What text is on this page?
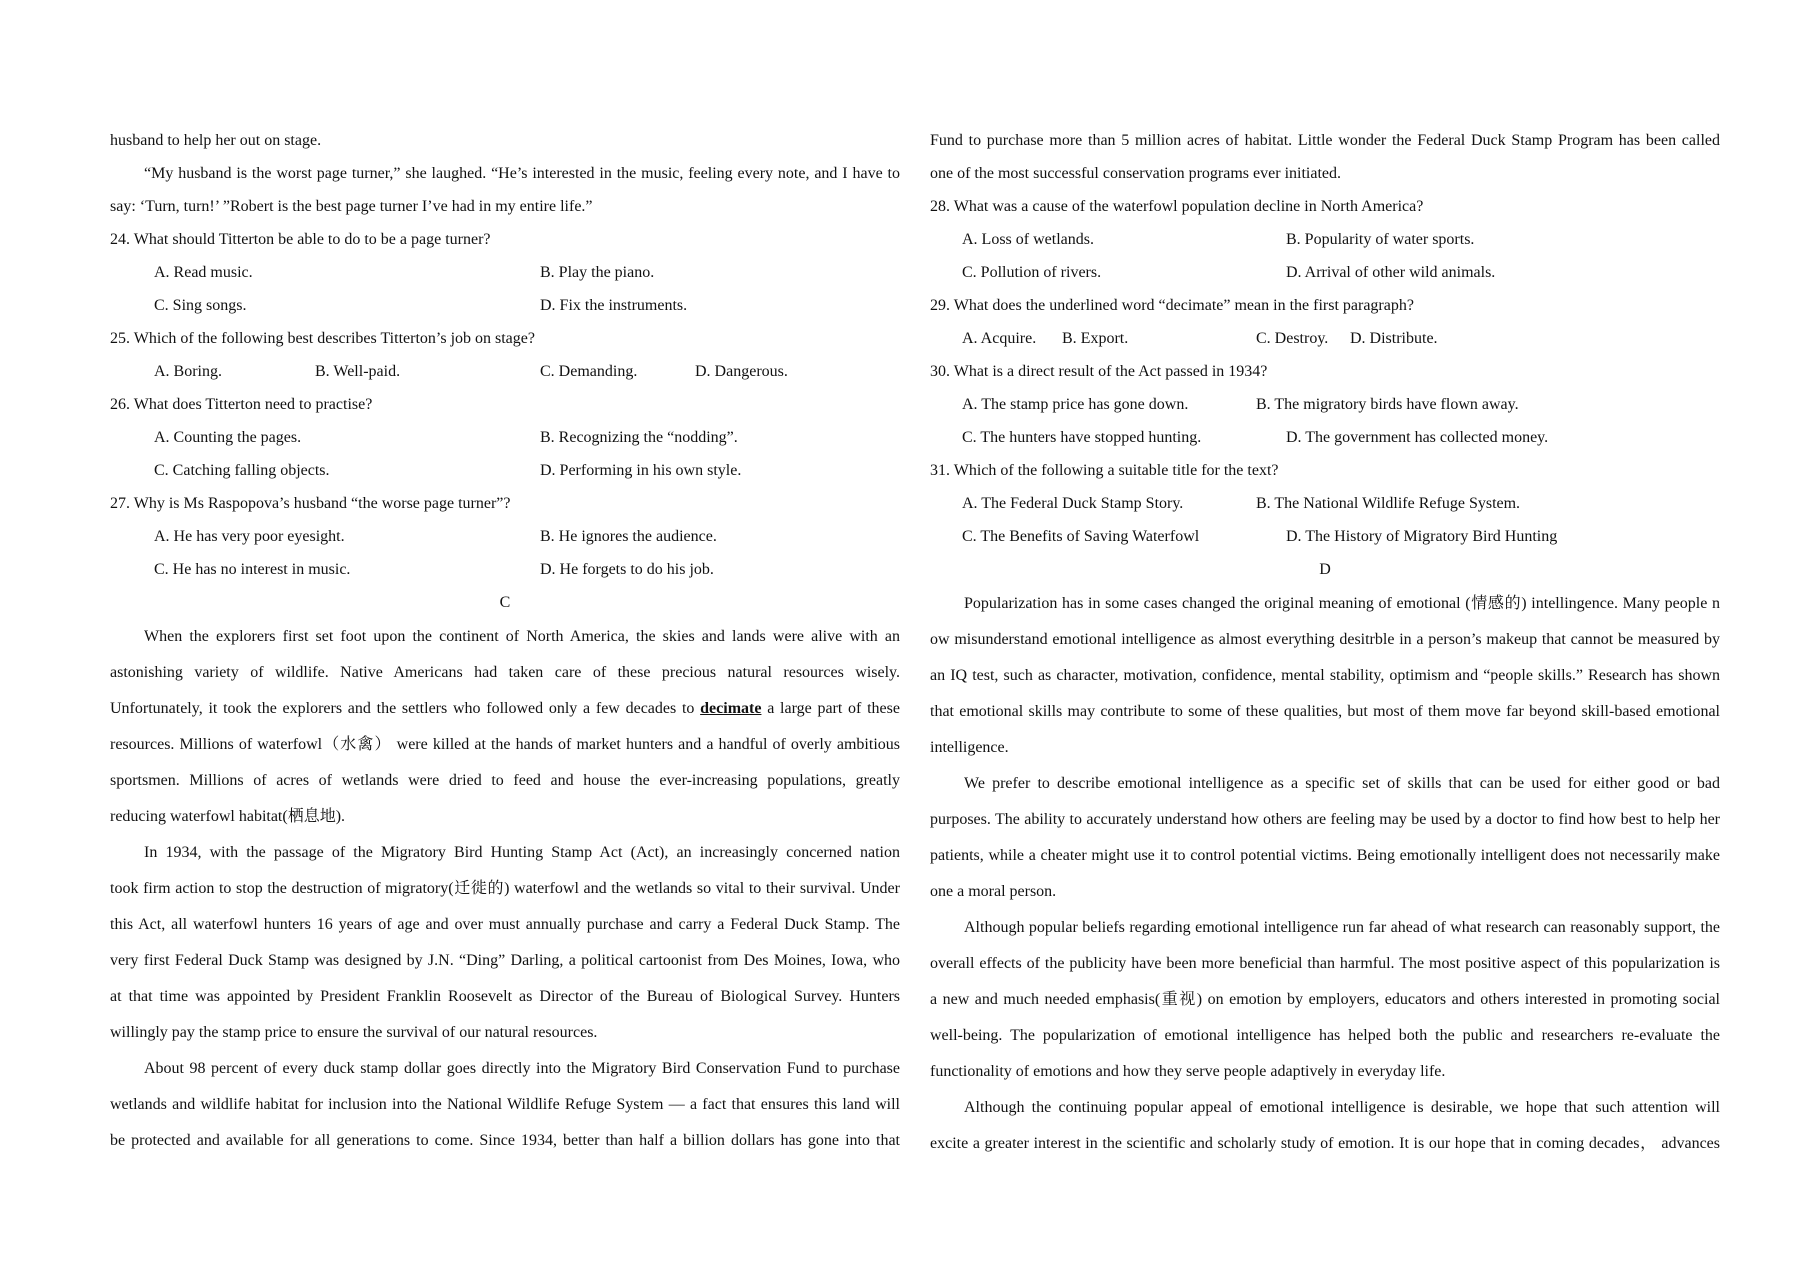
husband to help her out on stage.
“My husband is the worst page turner,” she laughed. “He’s interested in the music, feeling every note, and I have to
say: ‘Turn, turn!’ ”Robert is the best page turner I’ve had in my entire life.”
24. What should Titterton be able to do to be a page turner?
A. Read music.	B. Play the piano.
C. Sing songs.	D. Fix the instruments.
25. Which of the following best describes Titterton’s job on stage?
A. Boring.	B. Well-paid.	C. Demanding.	D. Dangerous.
26. What does Titterton need to practise?
A. Counting the pages.	B. Recognizing the “nodding”.
C. Catching falling objects.	D. Performing in his own style.
27. Why is Ms Raspopova’s husband “the worse page turner”?
A. He has very poor eyesight.	B. He ignores the audience.
C. He has no interest in music.	D. He forgets to do his job.
C
When the explorers first set foot upon the continent of North America, the skies and lands were alive with an
astonishing variety of wildlife. Native Americans had taken care of these precious natural resources wisely.
Unfortunately, it took the explorers and the settlers who followed only a few decades to decimate a large part of these
resources. Millions of waterfowl（水禽） were killed at the hands of market hunters and a handful of overly ambitious
sportsmen. Millions of acres of wetlands were dried to feed and house the ever-increasing populations, greatly
reducing waterfowl habitat(栖息地).
In 1934, with the passage of the Migratory Bird Hunting Stamp Act (Act), an increasingly concerned nation
took firm action to stop the destruction of migratory(迁徙的) waterfowl and the wetlands so vital to their survival. Under
this Act, all waterfowl hunters 16 years of age and over must annually purchase and carry a Federal Duck Stamp. The
very first Federal Duck Stamp was designed by J.N. “Ding” Darling, a political cartoonist from Des Moines, Iowa, who
at that time was appointed by President Franklin Roosevelt as Director of the Bureau of Biological Survey. Hunters
willingly pay the stamp price to ensure the survival of our natural resources.
About 98 percent of every duck stamp dollar goes directly into the Migratory Bird Conservation Fund to purchase
wetlands and wildlife habitat for inclusion into the National Wildlife Refuge System — a fact that ensures this land will
be protected and available for all generations to come. Since 1934, better than half a billion dollars has gone into that
Fund to purchase more than 5 million acres of habitat. Little wonder the Federal Duck Stamp Program has been called
one of the most successful conservation programs ever initiated.
28. What was a cause of the waterfowl population decline in North America?
A. Loss of wetlands.	B. Popularity of water sports.
C. Pollution of rivers.	D. Arrival of other wild animals.
29. What does the underlined word “decimate” mean in the first paragraph?
A. Acquire. B. Export.	C. Destroy. D. Distribute.
30. What is a direct result of the Act passed in 1934?
A. The stamp price has gone down.	B. The migratory birds have flown away.
C. The hunters have stopped hunting.	D. The government has collected money.
31. Which of the following a suitable title for the text?
A. The Federal Duck Stamp Story.	B. The National Wildlife Refuge System.
C. The Benefits of Saving Waterfowl	D. The History of Migratory Bird Hunting
D
Popularization has in some cases changed the original meaning of emotional (情感的) intellingence. Many people n
ow misunderstand emotional intelligence as almost everything desitrble in a person’s makeup that cannot be measured by
an IQ test, such as character, motivation, confidence, mental stability, optimism and “people skills.” Research has shown
that emotional skills may contribute to some of these qualities, but most of them move far beyond skill-based emotional
intelligence.
We prefer to describe emotional intelligence as a specific set of skills that can be used for either good or bad
purposes. The ability to accurately understand how others are feeling may be used by a doctor to find how best to help her
patients, while a cheater might use it to control potential victims. Being emotionally intelligent does not necessarily make
one a moral person.
Although popular beliefs regarding emotional intelligence run far ahead of what research can reasonably support, the
overall effects of the publicity have been more beneficial than harmful. The most positive aspect of this popularization is
a new and much needed emphasis(重视) on emotion by employers, educators and others interested in promoting social
well-being. The popularization of emotional intelligence has helped both the public and researchers re-evaluate the
functionality of emotions and how they serve people adaptively in everyday life.
Although the continuing popular appeal of emotional intelligence is desirable, we hope that such attention will
excite a greater interest in the scientific and scholarly study of emotion. It is our hope that in coming decades， advances
